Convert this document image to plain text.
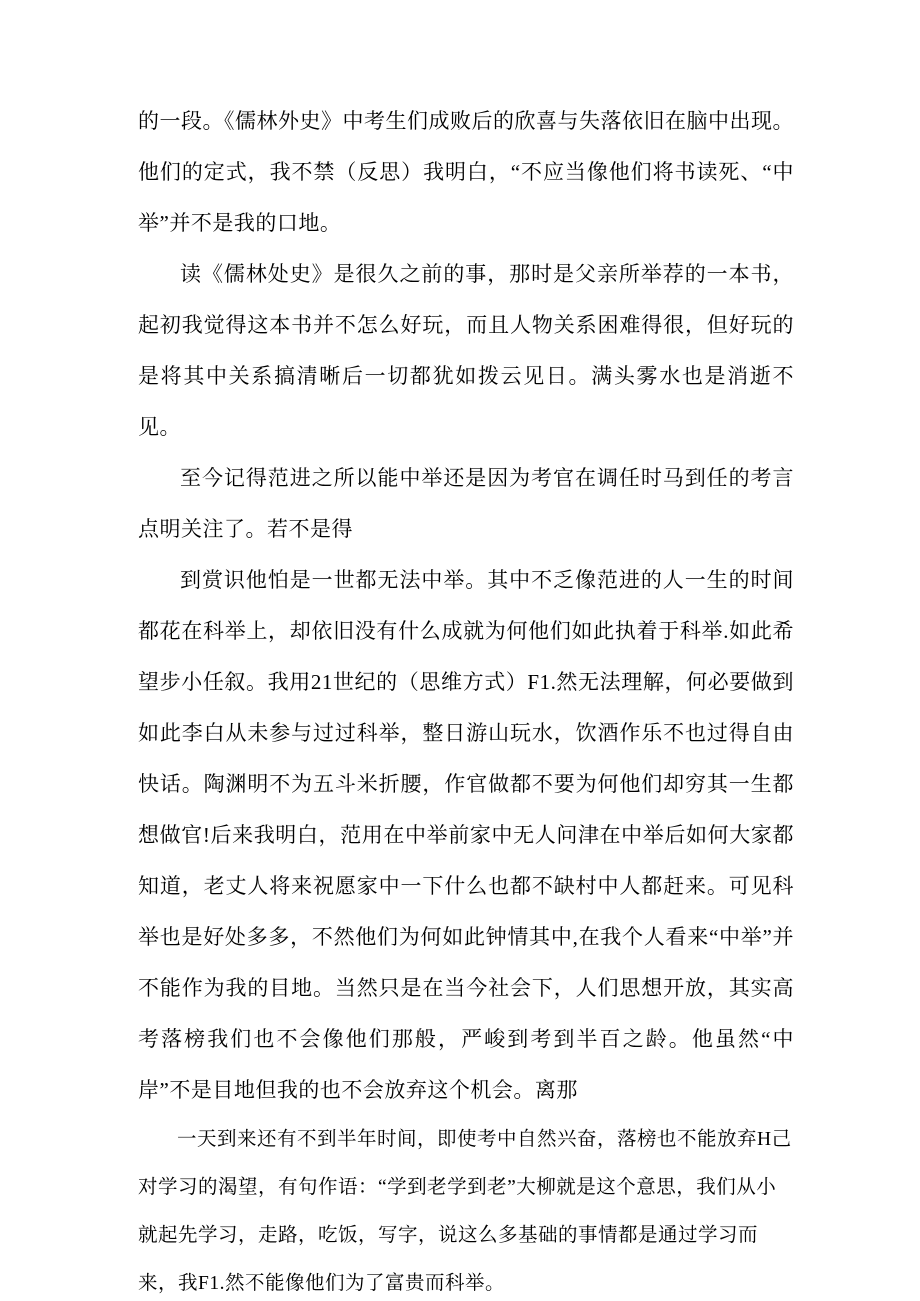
的一段。《儒林外史》中考生们成败后的欣喜与失落依旧在脑中出现。他们的定式，我不禁（反思）我明白，“不应当像他们将书读死、“中举”并不是我的口地。

读《儒林处史》是很久之前的事，那时是父亲所举荐的一本书，起初我觉得这本书并不怎么好玩，而且人物关系困难得很，但好玩的是将其中关系搞清晰后一切都犹如拨云见日。满头雾水也是消逝不见。

至今记得范进之所以能中举还是因为考官在调任时马到任的考言点明关注了。若不是得

到赏识他怕是一世都无法中举。其中不乏像范进的人一生的时间都花在科举上，却依旧没有什么成就为何他们如此执着于科举.如此希望步小任叙。我用21世纪的（思维方式）F1.然无法理解，何必要做到如此李白从未参与过过科举，整日游山玩水，饮酒作乐不也过得自由快话。陶渊明不为五斗米折腰，作官做都不要为何他们却穷其一生都想做官!后来我明白，范用在中举前家中无人问津在中举后如何大家都知道，老丈人将来祝愿家中一下什么也都不缺村中人都赶来。可见科举也是好处多多，不然他们为何如此钟情其中,在我个人看来“中举”并不能作为我的目地。当然只是在当今社会下，人们思想开放，其实高考落榜我们也不会像他们那般，严峻到考到半百之龄。他虽然“中岸”不是目地但我的也不会放弃这个机会。离那

一天到来还有不到半年时间，即使考中自然兴奋，落榜也不能放弃H己对学习的渴望，有句作语：“学到老学到老”大柳就是这个意思，我们从小就起先学习，走路，吃饭，写字，说这么多基础的事情都是通过学习而来，我F1.然不能像他们为了富贵而科举。
